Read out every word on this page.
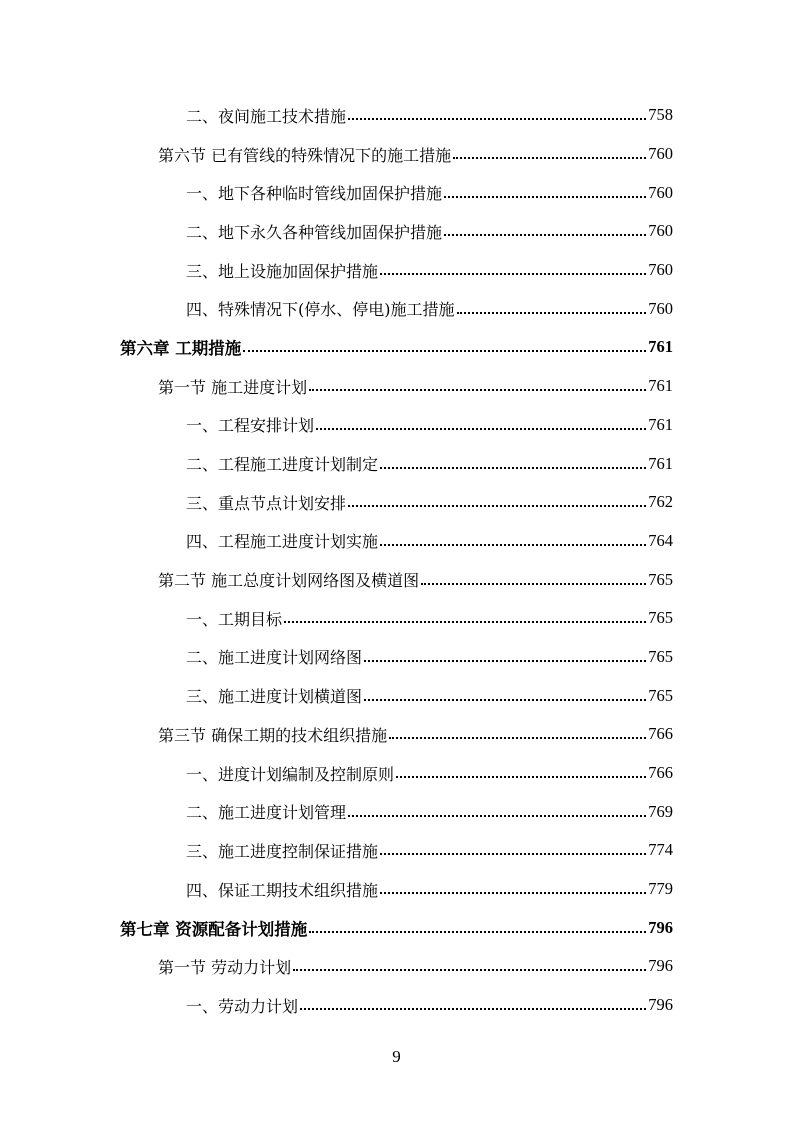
二、夜间施工技术措施	758
第六节 已有管线的特殊情况下的施工措施	760
一、地下各种临时管线加固保护措施	760
二、地下永久各种管线加固保护措施	760
三、地上设施加固保护措施	760
四、特殊情况下(停水、停电)施工措施	760
第六章 工期措施	761
第一节 施工进度计划	761
一、工程安排计划	761
二、工程施工进度计划制定	761
三、重点节点计划安排	762
四、工程施工进度计划实施	764
第二节 施工总度计划网络图及横道图	765
一、工期目标	765
二、施工进度计划网络图	765
三、施工进度计划横道图	765
第三节 确保工期的技术组织措施	766
一、进度计划编制及控制原则	766
二、施工进度计划管理	769
三、施工进度控制保证措施	774
四、保证工期技术组织措施	779
第七章 资源配备计划措施	796
第一节 劳动力计划	796
一、劳动力计划	796
9
